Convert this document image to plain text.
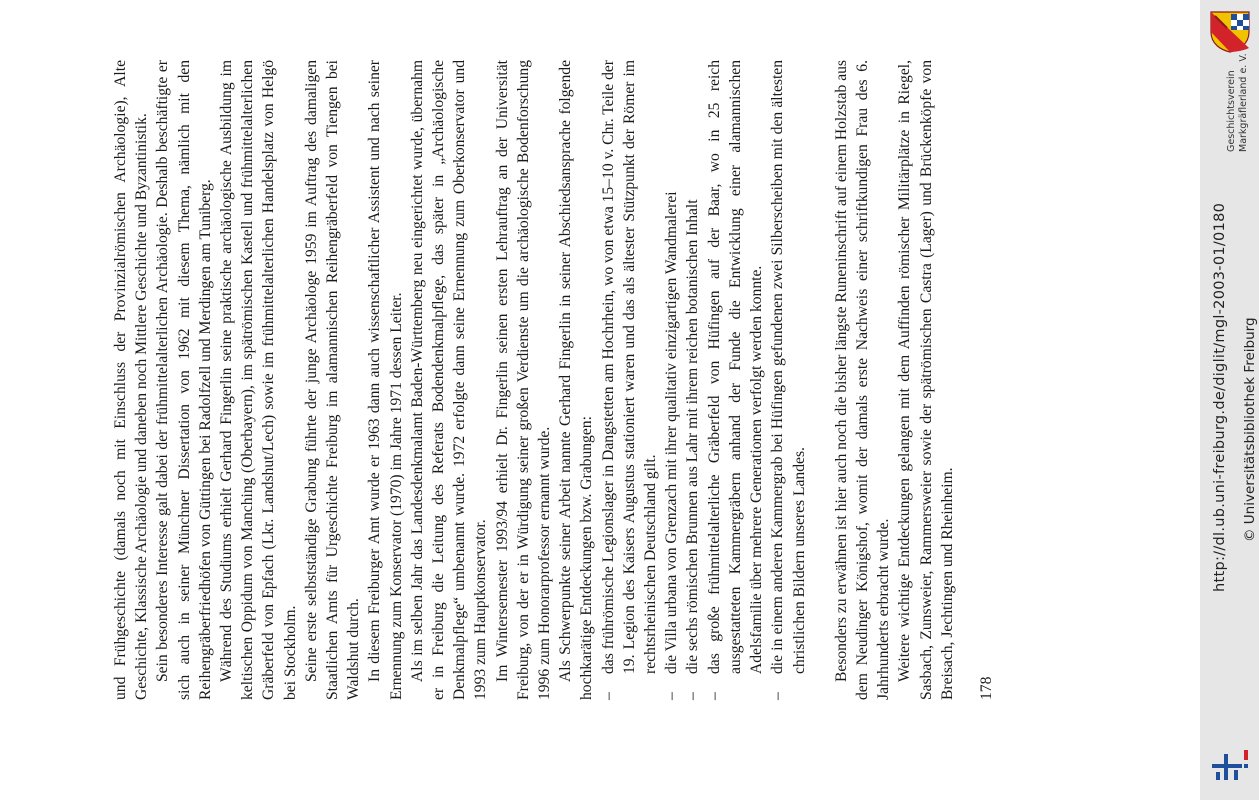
und Frühgeschichte (damals noch mit Einschluss der Provinzialrömischen Archäologie), Alte Geschichte, Klassische Archäologie und daneben noch Mittlere Geschichte und Byzantinistik. Sein besonderes Interesse galt dabei der frühmittelalterlichen Archäologie. Deshalb beschäftigte er sich auch in seiner Münchner Dissertation von 1962 mit diesem Thema, nämlich mit den Reihengräberfriedhöfen von Güttingen bei Radolfzell und Merdingen am Tuniberg. Während des Studiums erhielt Gerhard Fingerlin seine praktische archäologische Ausbildung im keltischen Oppidum von Manching (Oberbayern), im spätrömischen Kastell und frühmittelalterlichen Gräberfeld von Epfach (Lkr. Landshut/Lech) sowie im frühmittelalterlichen Handelsplatz von Helgö bei Stockholm. Seine erste selbstständige Grabung führte der junge Archäologe 1959 im Auftrag des damaligen Staatlichen Amts für Urgeschichte Freiburg im alamannischen Reihengräberfeld von Tiengen bei Waldshut durch. In diesem Freiburger Amt wurde er 1963 dann auch wissenschaftlicher Assistent und nach seiner Ernennung zum Konservator (1970) im Jahre 1971 dessen Leiter. Als im selben Jahr das Landesdenkmalamt Baden-Württemberg neu eingerichtet wurde, übernahm er in Freiburg die Leitung des Referats Bodendenkmalpflege, das später in „Archäologische Denkmalpflege“ umbenannt wurde. 1972 erfolgte dann seine Ernennung zum Oberkonservator und 1993 zum Hauptkonservator. Im Wintersemester 1993/94 erhielt Dr. Fingerlin seinen ersten Lehrauftrag an der Universität Freiburg, von der er in Würdigung seiner großen Verdienste um die archäologische Bodenforschung 1996 zum Honorarprofessor ernannt wurde. Als Schwerpunkte seiner Arbeit nannte Gerhard Fingerlin in seiner Abschiedsansprache folgende hochkarätige Entdeckungen bzw. Grabungen: –
das frührömische Legionslager in Dangstetten am Hochrhein, wo von etwa 15–10 v. Chr. Teile der 19. Legion des Kaisers Augustus stationiert waren und das als ältester Stützpunkt der Römer im rechtsrheinischen Deutschland gilt.
–
die Villa urbana von Grenzach mit ihrer qualitativ einzigartigen Wandmalerei
–
die sechs römischen Brunnen aus Lahr mit ihrem reichen botanischen Inhalt
–
das große frühmittelalterliche Gräberfeld von Hüfingen auf der Baar, wo in 25 reich ausgestatteten Kammergräbern anhand der Funde die Entwicklung einer alamannischen Adelsfamilie über mehrere Generationen verfolgt werden konnte.
–
die in einem anderen Kammergrab bei Hüfingen gefundenen zwei Silberscheiben mit den ältesten christlichen Bildern unseres Landes. Besonders zu erwähnen ist hier auch noch die bisher längste Runeninschrift auf einem Holzstab aus dem Neudinger Königshof, womit der damals erste Nachweis einer schriftkundigen Frau des 6. Jahrhunderts erbracht wurde. Weitere wichtige Entdeckungen gelangen mit dem Auffinden römischer Militärplätze in Riegel, Sasbach, Zunsweier, Rammersweier sowie der spätrömischen Castra (Lager) und Brückenköpfe von Breisach, Jechtingen und Rheinheim. 178
Geschichtsverein Markgräflerland e. V.
http://dl.ub.uni-freiburg.de/diglit/mgl-2003-01/0180 © Universitätsbibliothek Freiburg
